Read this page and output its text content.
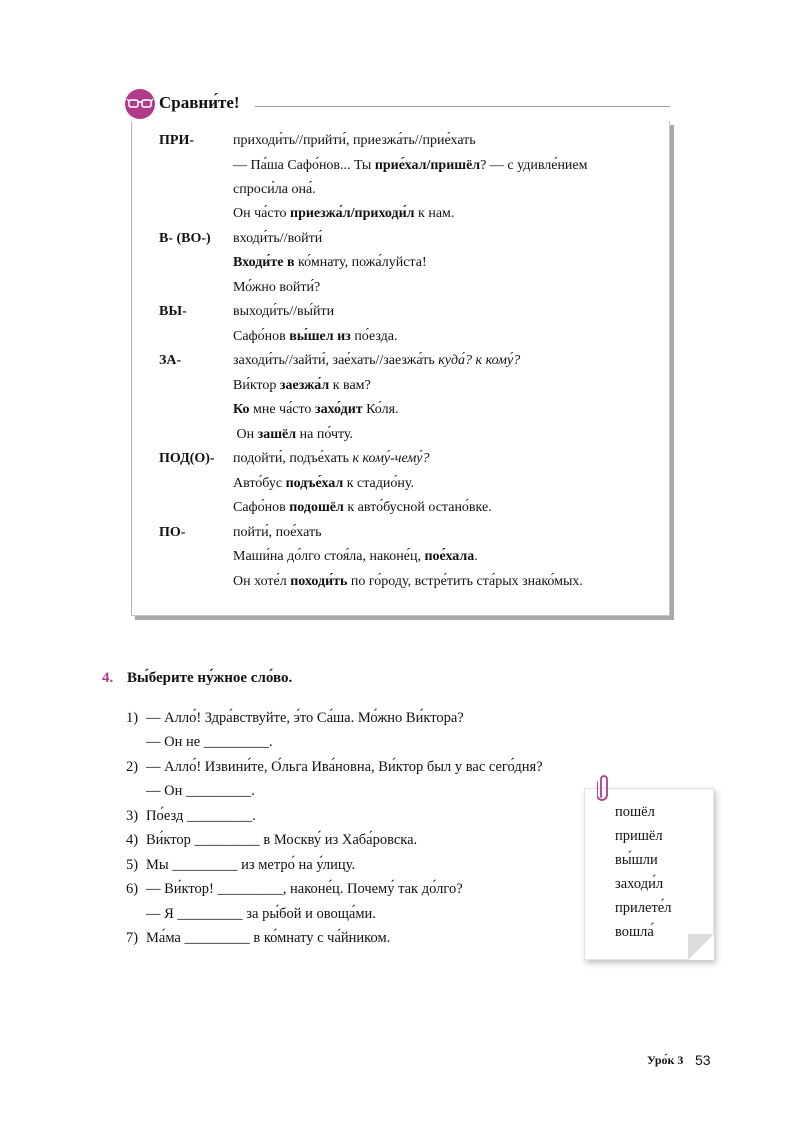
Сравни́те!
ПРИ-	приходи́ть//прийти́, приезжа́ть//прие́хать
— Па́ша Сафо́нов... Ты прие́хал/пришёл? — с удивле́нием
спроси́ла она́.
Он ча́сто приезжа́л/приходи́л к нам.
В- (ВО-) входи́ть//войти́
Входи́те в ко́мнату, пожа́луйста!
Мо́жно войти́?
ВЫ-	выходи́ть//вы́йти
Сафо́нов вы́шел из по́езда.
ЗА-	заходи́ть//зайти́, зае́хать//заезжа́ть куда́? к кому́?
Ви́ктор заезжа́л к вам?
Ко мне ча́сто захо́дит Ко́ля.
Он зашёл на по́чту.
ПОД(О)- подойти́, подъе́хать к кому́-чему́?
Авто́бус подъе́хал к стадио́ну.
Сафо́нов подошёл к авто́бусной остано́вке.
ПО-	пойти́, пое́хать
Маши́на до́лго стоя́ла, наконе́ц, пое́хала.
Он хоте́л походи́ть по го́роду, встре́тить ста́рых знако́мых.
4. Вы́берите ну́жное сло́во.
1) — Алло́! Здра́вствуйте, э́то Са́ша. Мо́жно Ви́ктора?
— Он не _________.
2) — Алло́! Извини́те, О́льга Ива́новна, Ви́ктор был у вас сего́дня?
— Он _________.
3) По́езд _________.
4) Ви́ктор _________ в Москву́ из Хаба́ровска.
5) Мы _________ из метро́ на у́лицу.
6) — Ви́ктор! _________, наконе́ц. Почему́ так до́лго?
— Я _________ за ры́бой и овоща́ми.
7) Ма́ма _________ в ко́мнату с ча́йником.
пошёл
пришёл
вы́шли
заходи́л
прилете́л
вошла́
Уро́к 3 53
